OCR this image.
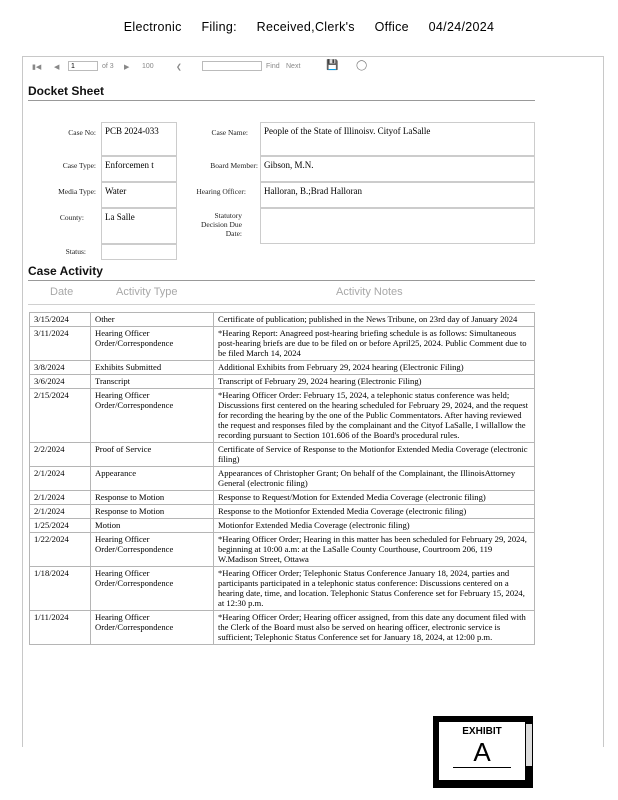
Electronic Filing: Received,Clerk's Office 04/24/2024
▮◀ ◀
1	of 3 ▶ 100	❮	Find Next	💾 ◯
Docket Sheet
Case No:	PCB 2024-033	Case Name:	People of the State of Illinoisv. Cityof LaSalle
Case Type:	Enforcemen t	Board Member: Gibson, M.N.
Media Type:	Water	Hearing Officer:	Halloran, B.;Brad Halloran
County:	La Salle	Statutory
Decision Due
Date:
Status:
Case Activity
Date	Activity Type	Activity Notes
3/15/2024	Other	Certificate of publication; published in the News Tribune, on 23rd day of January 2024
3/11/2024	Hearing Officer Order/Correspondence	*Hearing Report: Anagreed post-hearing briefing schedule is as follows: Simultaneous post-hearing briefs are due to be filed on or before April25, 2024. Public Comment due to be filed March 14, 2024
3/8/2024	Exhibits Submitted	Additional Exhibits from February 29, 2024 hearing (Electronic Filing)
3/6/2024	Transcript	Transcript of February 29, 2024 hearing (Electronic Filing)
2/15/2024	Hearing Officer Order/Correspondence	*Hearing Officer Order: February 15, 2024, a telephonic status conference was held; Discussions first centered on the hearing scheduled for February 29, 2024, and the request for recording the hearing by the one of the Public Commentators. After having reviewed the request and responses filed by the complainant and the Cityof LaSalle, I willallow the recording pursuant to Section 101.606 of the Board's procedural rules.
2/2/2024	Proof of Service	Certificate of Service of Response to the Motionfor Extended Media Coverage (electronic filing)
2/1/2024	Appearance	Appearances of Christopher Grant; On behalf of the Complainant, the IllinoisAttorney General (electronic filing)
2/1/2024	Response to Motion	Response to Request/Motion for Extended Media Coverage (electronic filing)
2/1/2024	Response to Motion	Response to the Motionfor Extended Media Coverage (electronic filing)
1/25/2024	Motion	Motionfor Extended Media Coverage (electronic filing)
1/22/2024	Hearing Officer Order/Correspondence	*Hearing Officer Order; Hearing in this matter has been scheduled for February 29, 2024, beginning at 10:00 a.m: at the LaSalle County Courthouse, Courtroom 206, 119 W.Madison Street, Ottawa
1/18/2024	Hearing Officer Order/Correspondence	*Hearing Officer Order; Telephonic Status Conference January 18, 2024, parties and participants participated in a telephonic status conference: Discussions centered on a hearing date, time, and location. Telephonic Status Conference set for February 15, 2024, at 12:30 p.m.
1/11/2024	Hearing Officer Order/Correspondence	*Hearing Officer Order; Hearing officer assigned, from this date any document filed with the Clerk of the Board must also be served on hearing officer, electronic service is sufficient; Telephonic Status Conference set for January 18, 2024, at 12:00 p.m.
EXHIBIT
A
